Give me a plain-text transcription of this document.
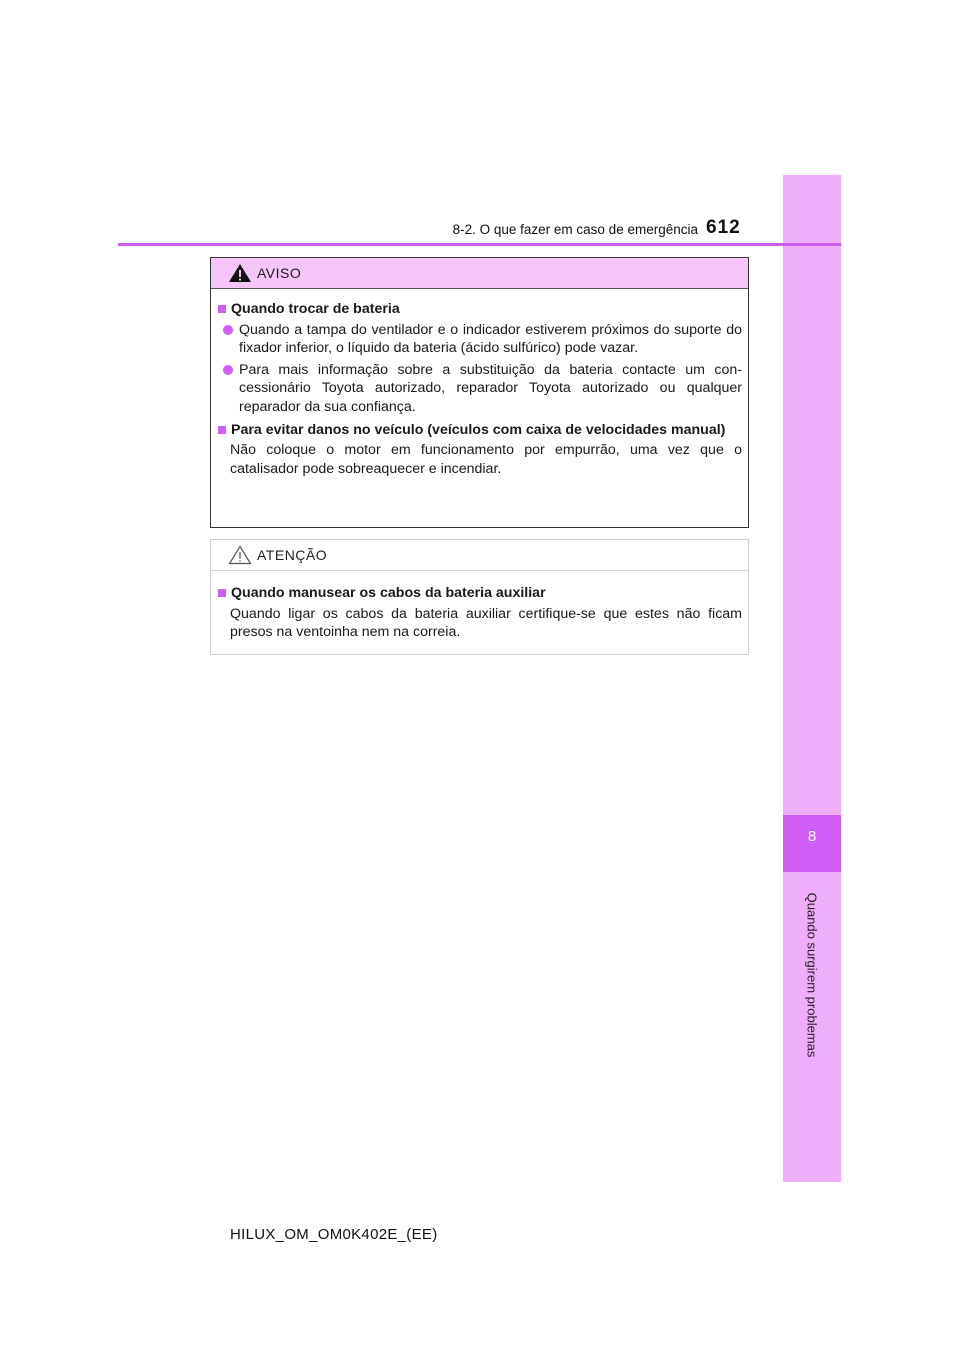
8
Quando surgirem problemas
8-2. O que fazer em caso de emergência 612
AVISO
Quando trocar de bateria
Quando a tampa do ventilador e o indicador estiverem próximos do suporte do fixador inferior, o líquido da bateria (ácido sulfúrico) pode vazar.
Para mais informação sobre a substituição da bateria contacte um con-cessionário Toyota autorizado, reparador Toyota autorizado ou qualquer reparador da sua confiança.
Para evitar danos no veículo (veículos com caixa de velocidades manual)
Não coloque o motor em funcionamento por empurrão, uma vez que o catalisador pode sobreaquecer e incendiar.
ATENÇÃO
Quando manusear os cabos da bateria auxiliar
Quando ligar os cabos da bateria auxiliar certifique-se que estes não ficam presos na ventoinha nem na correia.
HILUX_OM_OM0K402E_(EE)
